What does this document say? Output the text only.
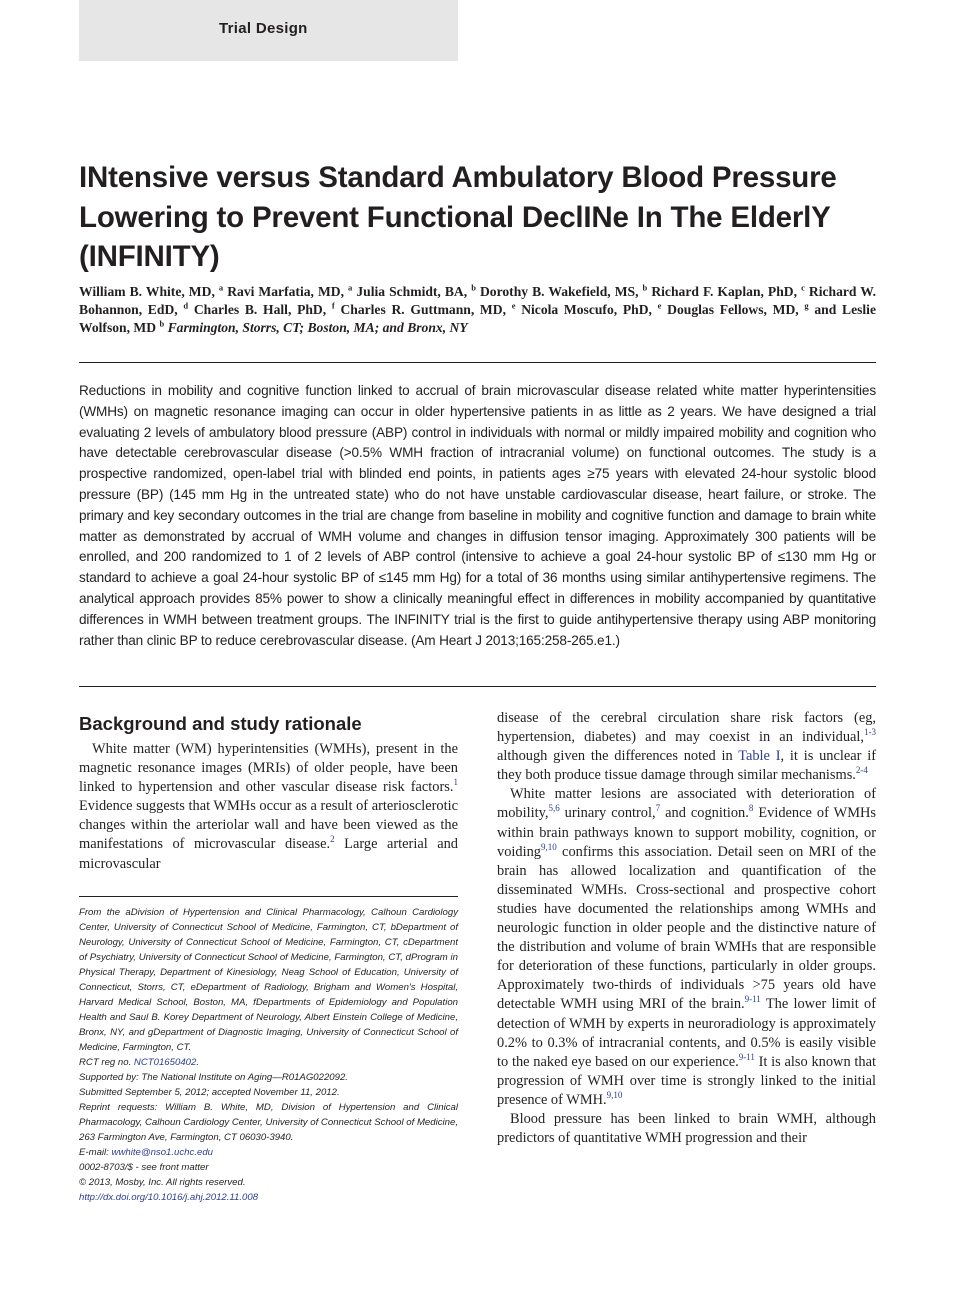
Trial Design
INtensive versus Standard Ambulatory Blood Pressure Lowering to Prevent Functional DeclINe In The ElderlY (INFINITY)

William B. White, MD, $^a$ Ravi Marfatia, MD, $^a$ Julia Schmidt, BA, $^b$ Dorothy B. Wakefield, MS, $^b$ Richard F. Kaplan, PhD, $^c$ Richard W. Bohannon, EdD, $^d$ Charles B. Hall, PhD, $^f$ Charles R. Guttmann, MD, $^e$ Nicola Moscufo, PhD, $^e$ Douglas Fellows, MD, $^g$ and Leslie Wolfson, MD $^b$ Farmington, Storrs, CT; Boston, MA; and Bronx, NY

Reductions in mobility and cognitive function linked to accrual of brain microvascular disease related white matter hyperintensities (WMHs) on magnetic resonance imaging can occur in older hypertensive patients in as little as 2 years. We have designed a trial evaluating 2 levels of ambulatory blood pressure (ABP) control in individuals with normal or mildly impaired mobility and cognition who have detectable cerebrovascular disease (>0.5% WMH fraction of intracranial volume) on functional outcomes. The study is a prospective randomized, open-label trial with blinded end points, in patients ages ≥75 years with elevated 24-hour systolic blood pressure (BP) (145 mm Hg in the untreated state) who do not have unstable cardiovascular disease, heart failure, or stroke. The primary and key secondary outcomes in the trial are change from baseline in mobility and cognitive function and damage to brain white matter as demonstrated by accrual of WMH volume and changes in diffusion tensor imaging. Approximately 300 patients will be enrolled, and 200 randomized to 1 of 2 levels of ABP control (intensive to achieve a goal 24-hour systolic BP of ≤130 mm Hg or standard to achieve a goal 24-hour systolic BP of ≤145 mm Hg) for a total of 36 months using similar antihypertensive regimens. The analytical approach provides 85% power to show a clinically meaningful effect in differences in mobility accompanied by quantitative differences in WMH between treatment groups. The INFINITY trial is the first to guide antihypertensive therapy using ABP monitoring rather than clinic BP to reduce cerebrovascular disease. (Am Heart J 2013;165:258-265.e1.)

Background and study rationale

White matter (WM) hyperintensities (WMHs), present in the magnetic resonance images (MRIs) of older people, have been linked to hypertension and other vascular disease risk factors.$^1$ Evidence suggests that WMHs occur as a result of arteriosclerotic changes within the arteriolar wall and have been viewed as the manifestations of microvascular disease.$^2$ Large arterial and microvascular

From the aDivision of Hypertension and Clinical Pharmacology, Calhoun Cardiology Center, University of Connecticut School of Medicine, Farmington, CT, bDepartment of Neurology, University of Connecticut School of Medicine, Farmington, CT, cDepartment of Psychiatry, University of Connecticut School of Medicine, Farmington, CT, dProgram in Physical Therapy, Department of Kinesiology, Neag School of Education, University of Connecticut, Storrs, CT, eDepartment of Radiology, Brigham and Women's Hospital, Harvard Medical School, Boston, MA, fDepartments of Epidemiology and Population Health and Saul B. Korey Department of Neurology, Albert Einstein College of Medicine, Bronx, NY, and gDepartment of Diagnostic Imaging, University of Connecticut School of Medicine, Farmington, CT.

RCT reg no. NCT01650402.

Supported by: The National Institute on Aging—R01AG022092.

Submitted September 5, 2012; accepted November 11, 2012.

Reprint requests: William B. White, MD, Division of Hypertension and Clinical Pharmacology, Calhoun Cardiology Center, University of Connecticut School of Medicine, 263 Farmington Ave, Farmington, CT 06030-3940.

E-mail: wwhite@nso1.uchc.edu

0002-8703/$ - see front matter

© 2013, Mosby, Inc. All rights reserved.

http://dx.doi.org/10.1016/j.ahj.2012.11.008

disease of the cerebral circulation share risk factors (eg, hypertension, diabetes) and may coexist in an individual,$^{1-3}$ although given the differences noted in Table I, it is unclear if they both produce tissue damage through similar mechanisms.$^{2-4}$

White matter lesions are associated with deterioration of mobility,$^{5,6}$ urinary control,$^7$ and cognition.$^8$ Evidence of WMHs within brain pathways known to support mobility, cognition, or voiding$^{9,10}$ confirms this association. Detail seen on MRI of the brain has allowed localization and quantification of the disseminated WMHs. Cross-sectional and prospective cohort studies have documented the relationships among WMHs and neurologic function in older people and the distinctive nature of the distribution and volume of brain WMHs that are responsible for deterioration of these functions, particularly in older groups. Approximately two-thirds of individuals >75 years old have detectable WMH using MRI of the brain.$^{9-11}$ The lower limit of detection of WMH by experts in neuroradiology is approximately 0.2% to 0.3% of intracranial contents, and 0.5% is easily visible to the naked eye based on our experience.$^{9-11}$ It is also known that progression of WMH over time is strongly linked to the initial presence of WMH.$^{9,10}$

Blood pressure has been linked to brain WMH, although predictors of quantitative WMH progression and their
